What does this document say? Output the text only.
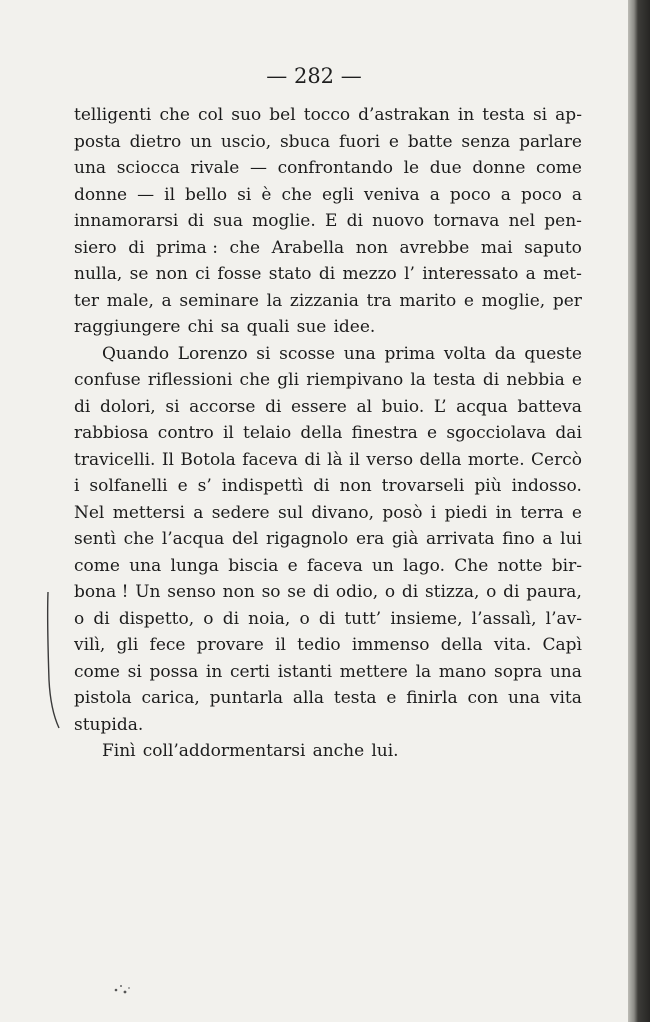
— 282 —
telligenti che col suo bel tocco d’astrakan in testa si ap-
posta dietro un uscio, sbuca fuori e batte senza parlare
una sciocca rivale — confrontando le due donne come
donne — il bello si è che egli veniva a poco a poco a
innamorarsi di sua moglie. E di nuovo tornava nel pen-
siero di prima : che Arabella non avrebbe mai saputo
nulla, se non ci fosse stato di mezzo l’ interessato a met-
ter male, a seminare la zizzania tra marito e moglie, per
raggiungere chi sa quali sue idee.
Quando Lorenzo si scosse una prima volta da queste
confuse riflessioni che gli riempivano la testa di nebbia e
di dolori, si accorse di essere al buio. L’ acqua batteva
rabbiosa contro il telaio della finestra e sgocciolava dai
travicelli. Il Botola faceva di là il verso della morte. Cercò
i solfanelli e s’ indispettì di non trovarseli più indosso.
Nel mettersi a sedere sul divano, posò i piedi in terra e
sentì che l’acqua del rigagnolo era già arrivata fino a lui
come una lunga biscia e faceva un lago. Che notte bir-
bona ! Un senso non so se di odio, o di stizza, o di paura,
o di dispetto, o di noia, o di tutt’ insieme, l’assalì, l’av-
vilì, gli fece provare il tedio immenso della vita. Capì
come si possa in certi istanti mettere la mano sopra una
pistola carica, puntarla alla testa e finirla con una vita
stupida.
Finì coll’addormentarsi anche lui.
